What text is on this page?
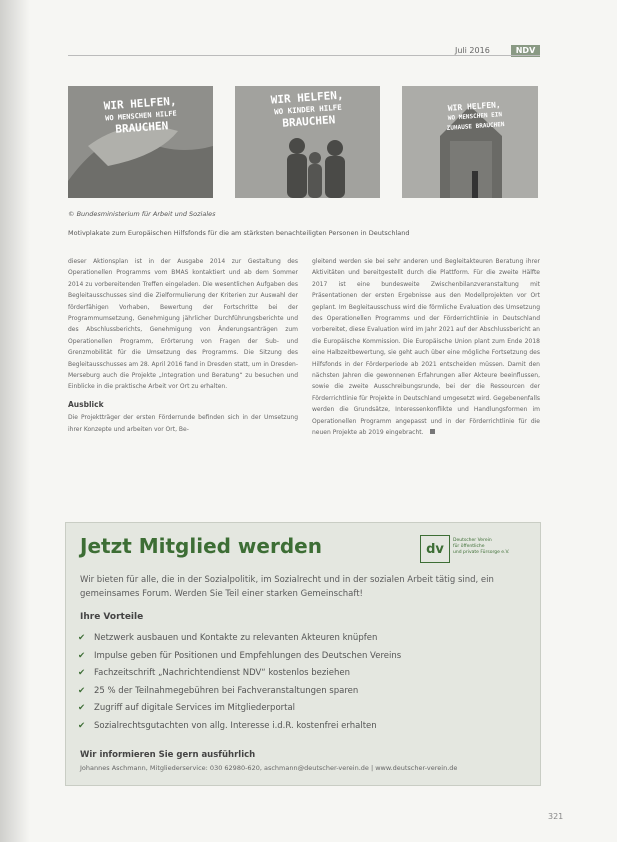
Juli 2016	NDV
WIR HELFEN,
WO MENSCHEN HILFE
BRAUCHEN
WIR HELFEN,
WO KINDER HILFE
BRAUCHEN
WIR HELFEN,
WO MENSCHEN EIN
ZUHAUSE BRAUCHEN
© Bundesministerium für Arbeit und Soziales
Motivplakate zum Europäischen Hilfsfonds für die am stärksten benachteiligten Personen in Deutschland

dieser Aktionsplan ist in der Ausgabe 2014 zur Gestaltung des Operationellen Programms vom BMAS kontaktiert und ab dem Sommer 2014 zu vorbereitenden Treffen eingeladen. Die wesentlichen Aufgaben des Begleitausschusses sind die Zielformulierung der Kriterien zur Auswahl der förderfähigen Vorhaben, Bewertung der Fortschritte bei der Programmumsetzung, Genehmigung jährlicher Durchführungsberichte und des Abschlussberichts, Genehmigung von Änderungsanträgen zum Operationellen Programm, Erörterung von Fragen der Sub- und Grenzmobilität für die Umsetzung des Programms. Die Sitzung des Begleitausschusses am 28. April 2016 fand in Dresden statt, um in Dresden-Merseburg auch die Projekte „Integration und Beratung“ zu besuchen und Einblicke in die praktische Arbeit vor Ort zu erhalten.

Ausblick

Die Projektträger der ersten Förderrunde befinden sich in der Umsetzung ihrer Konzepte und arbeiten vor Ort, Be-

gleitend werden sie bei sehr anderen und Begleitakteuren Beratung ihrer Aktivitäten und bereitgestellt durch die Plattform. Für die zweite Hälfte 2017 ist eine bundesweite Zwischenbilanzveranstaltung mit Präsentationen der ersten Ergebnisse aus den Modellprojekten vor Ort geplant. Im Begleitausschuss wird die förmliche Evaluation des Umsetzung des Operationellen Programms und der Förderrichtlinie in Deutschland vorbereitet, diese Evaluation wird im Jahr 2021 auf der Abschlussbericht an die Europäische Kommission. Die Europäische Union plant zum Ende 2018 eine Halbzeitbewertung, sie geht auch über eine mögliche Fortsetzung des Hilfsfonds in der Förderperiode ab 2021 entscheiden müssen. Damit den nächsten Jahren die gewonnenen Erfahrungen aller Akteure beeinflussen, sowie die zweite Ausschreibungsrunde, bei der die Ressourcen der Förderrichtlinie für Projekte in Deutschland umgesetzt wird. Gegebenenfalls werden die Grundsätze, Interessenkonflikte und Handlungsformen im Operationellen Programm angepasst und in der Förderrichtlinie für die neuen Projekte ab 2019 eingebracht.

Jetzt Mitglied werden	dv
Deutscher Verein
für öffentliche
und private Fürsorge e.V.
Wir bieten für alle, die in der Sozialpolitik, im Sozialrecht und in der sozialen Arbeit tätig sind, ein gemeinsames Forum. Werden Sie Teil einer starken Gemeinschaft!
Ihre Vorteile
✔ Netzwerk ausbauen und Kontakte zu relevanten Akteuren knüpfen
✔ Impulse geben für Positionen und Empfehlungen des Deutschen Vereins
✔ Fachzeitschrift „Nachrichtendienst NDV“ kostenlos beziehen
✔ 25 % der Teilnahmegebühren bei Fachveranstaltungen sparen
✔ Zugriff auf digitale Services im Mitgliederportal
✔ Sozialrechtsgutachten von allg. Interesse i.d.R. kostenfrei erhalten
Wir informieren Sie gern ausführlich
Johannes Aschmann, Mitgliederservice: 030 62980-620, aschmann@deutscher-verein.de | www.deutscher-verein.de
321
